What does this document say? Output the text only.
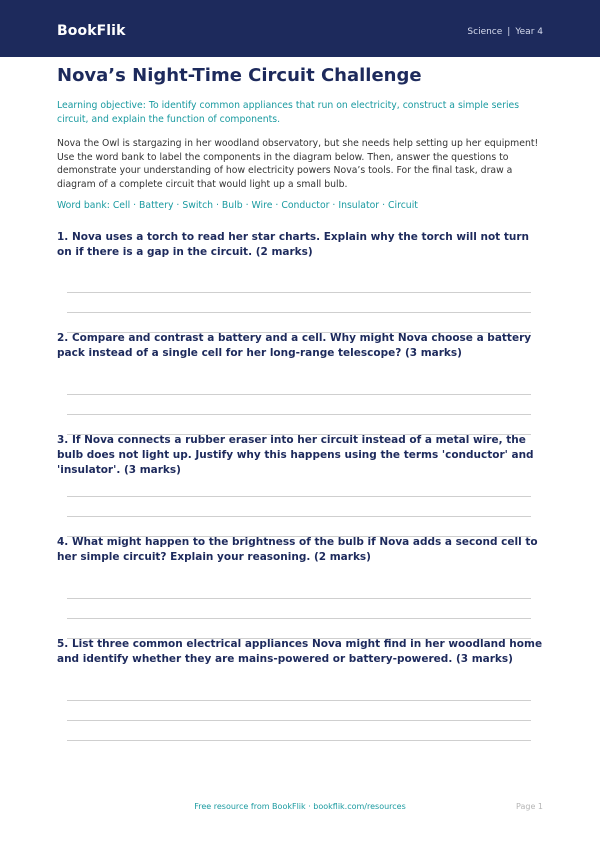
BookFlik	Science | Year 4
Nova’s Night-Time Circuit Challenge

Learning objective: To identify common appliances that run on electricity, construct a simple series circuit, and explain the function of components.

Nova the Owl is stargazing in her woodland observatory, but she needs help setting up her equipment! Use the word bank to label the components in the diagram below. Then, answer the questions to demonstrate your understanding of how electricity powers Nova’s tools. For the final task, draw a diagram of a complete circuit that would light up a small bulb.

Word bank: Cell · Battery · Switch · Bulb · Wire · Conductor · Insulator · Circuit

1. Nova uses a torch to read her star charts. Explain why the torch will not turn on if there is a gap in the circuit. (2 marks)

2. Compare and contrast a battery and a cell. Why might Nova choose a battery pack instead of a single cell for her long-range telescope? (3 marks)

3. If Nova connects a rubber eraser into her circuit instead of a metal wire, the bulb does not light up. Justify why this happens using the terms 'conductor' and 'insulator'. (3 marks)

4. What might happen to the brightness of the bulb if Nova adds a second cell to her simple circuit? Explain your reasoning. (2 marks)

5. List three common electrical appliances Nova might find in her woodland home and identify whether they are mains-powered or battery-powered. (3 marks)

Free resource from BookFlik · bookflik.com/resources	Page 1
